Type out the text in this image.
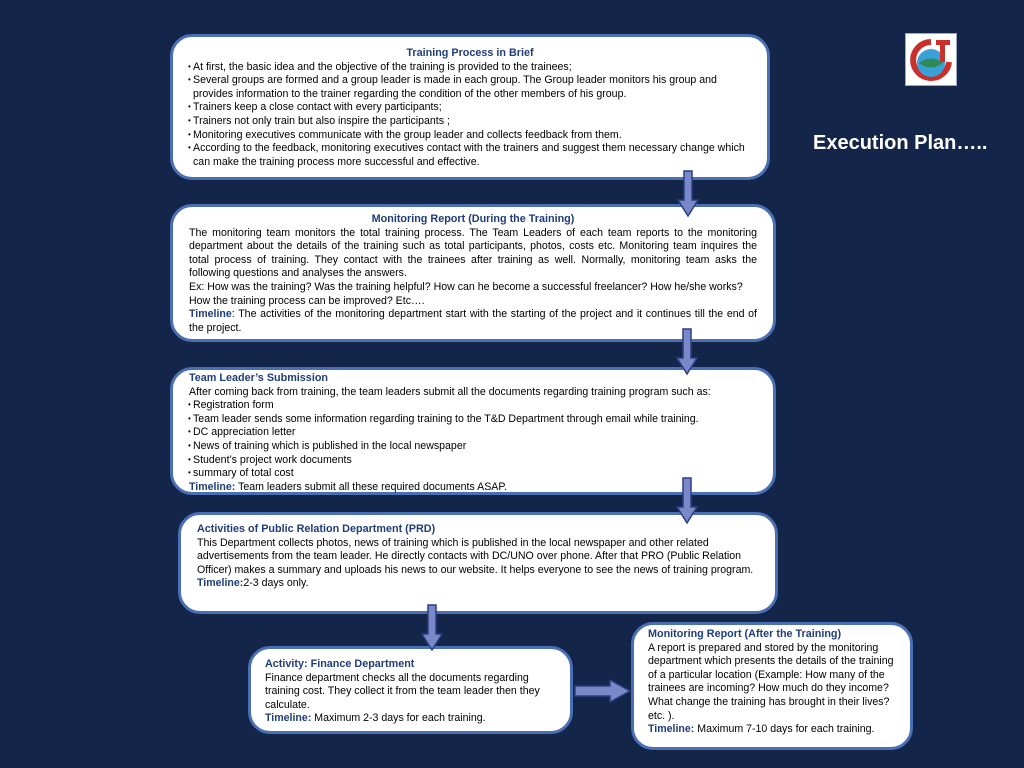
Execution Plan…..
Training Process in Brief
• At first, the basic idea and the objective of the training is provided to the trainees;
• Several groups are formed and a group leader is made in each group. The Group leader monitors his group and provides information to the trainer regarding the condition of the other members of his group.
• Trainers keep a close contact with every participants;
• Trainers not only train but also inspire the participants ;
• Monitoring executives communicate with the group leader and collects feedback from them.
• According to the feedback, monitoring executives contact with the trainers and suggest them necessary change which can make the training process more successful and effective.
Monitoring Report (During the Training)

The monitoring team monitors the total training process. The Team Leaders of each team reports to the monitoring department about the details of the training such as total participants, photos, costs etc. Monitoring team inquires the total process of training. They contact with the trainees after training as well. Normally, monitoring team asks the following questions and analyses the answers.

Ex: How was the training? Was the training helpful? How can he become a successful freelancer? How he/she works? How the training process can be improved? Etc….

Timeline: The activities of the monitoring department start with the starting of the project and it continues till the end of the project.

Team Leader’s Submission

After coming back from training, the team leaders submit all the documents regarding training program such as:

• Registration form
• Team leader sends some information regarding training to the T&D Department through email while training.
• DC appreciation letter
• News of training which is published in the local newspaper
• Student’s project work documents
• summary of total cost

Timeline: Team leaders submit all these required documents ASAP.

Activities of Public Relation Department (PRD)

This Department collects photos, news of training which is published in the local newspaper and other related advertisements from the team leader. He directly contacts with DC/UNO over phone. After that PRO (Public Relation Officer) makes a summary and uploads his news to our website. It helps everyone to see the news of training program.

Timeline:2-3 days only.

Activity: Finance Department

Finance department checks all the documents regarding training cost. They collect it from the team leader then they calculate.

Timeline: Maximum 2-3 days for each training.

Monitoring Report (After the Training)

A report is prepared and stored by the monitoring department which presents the details of the training of a particular location (Example: How many of the trainees are incoming? How much do they income? What change the training has brought in their lives? etc. ).

Timeline: Maximum 7-10 days for each training.
